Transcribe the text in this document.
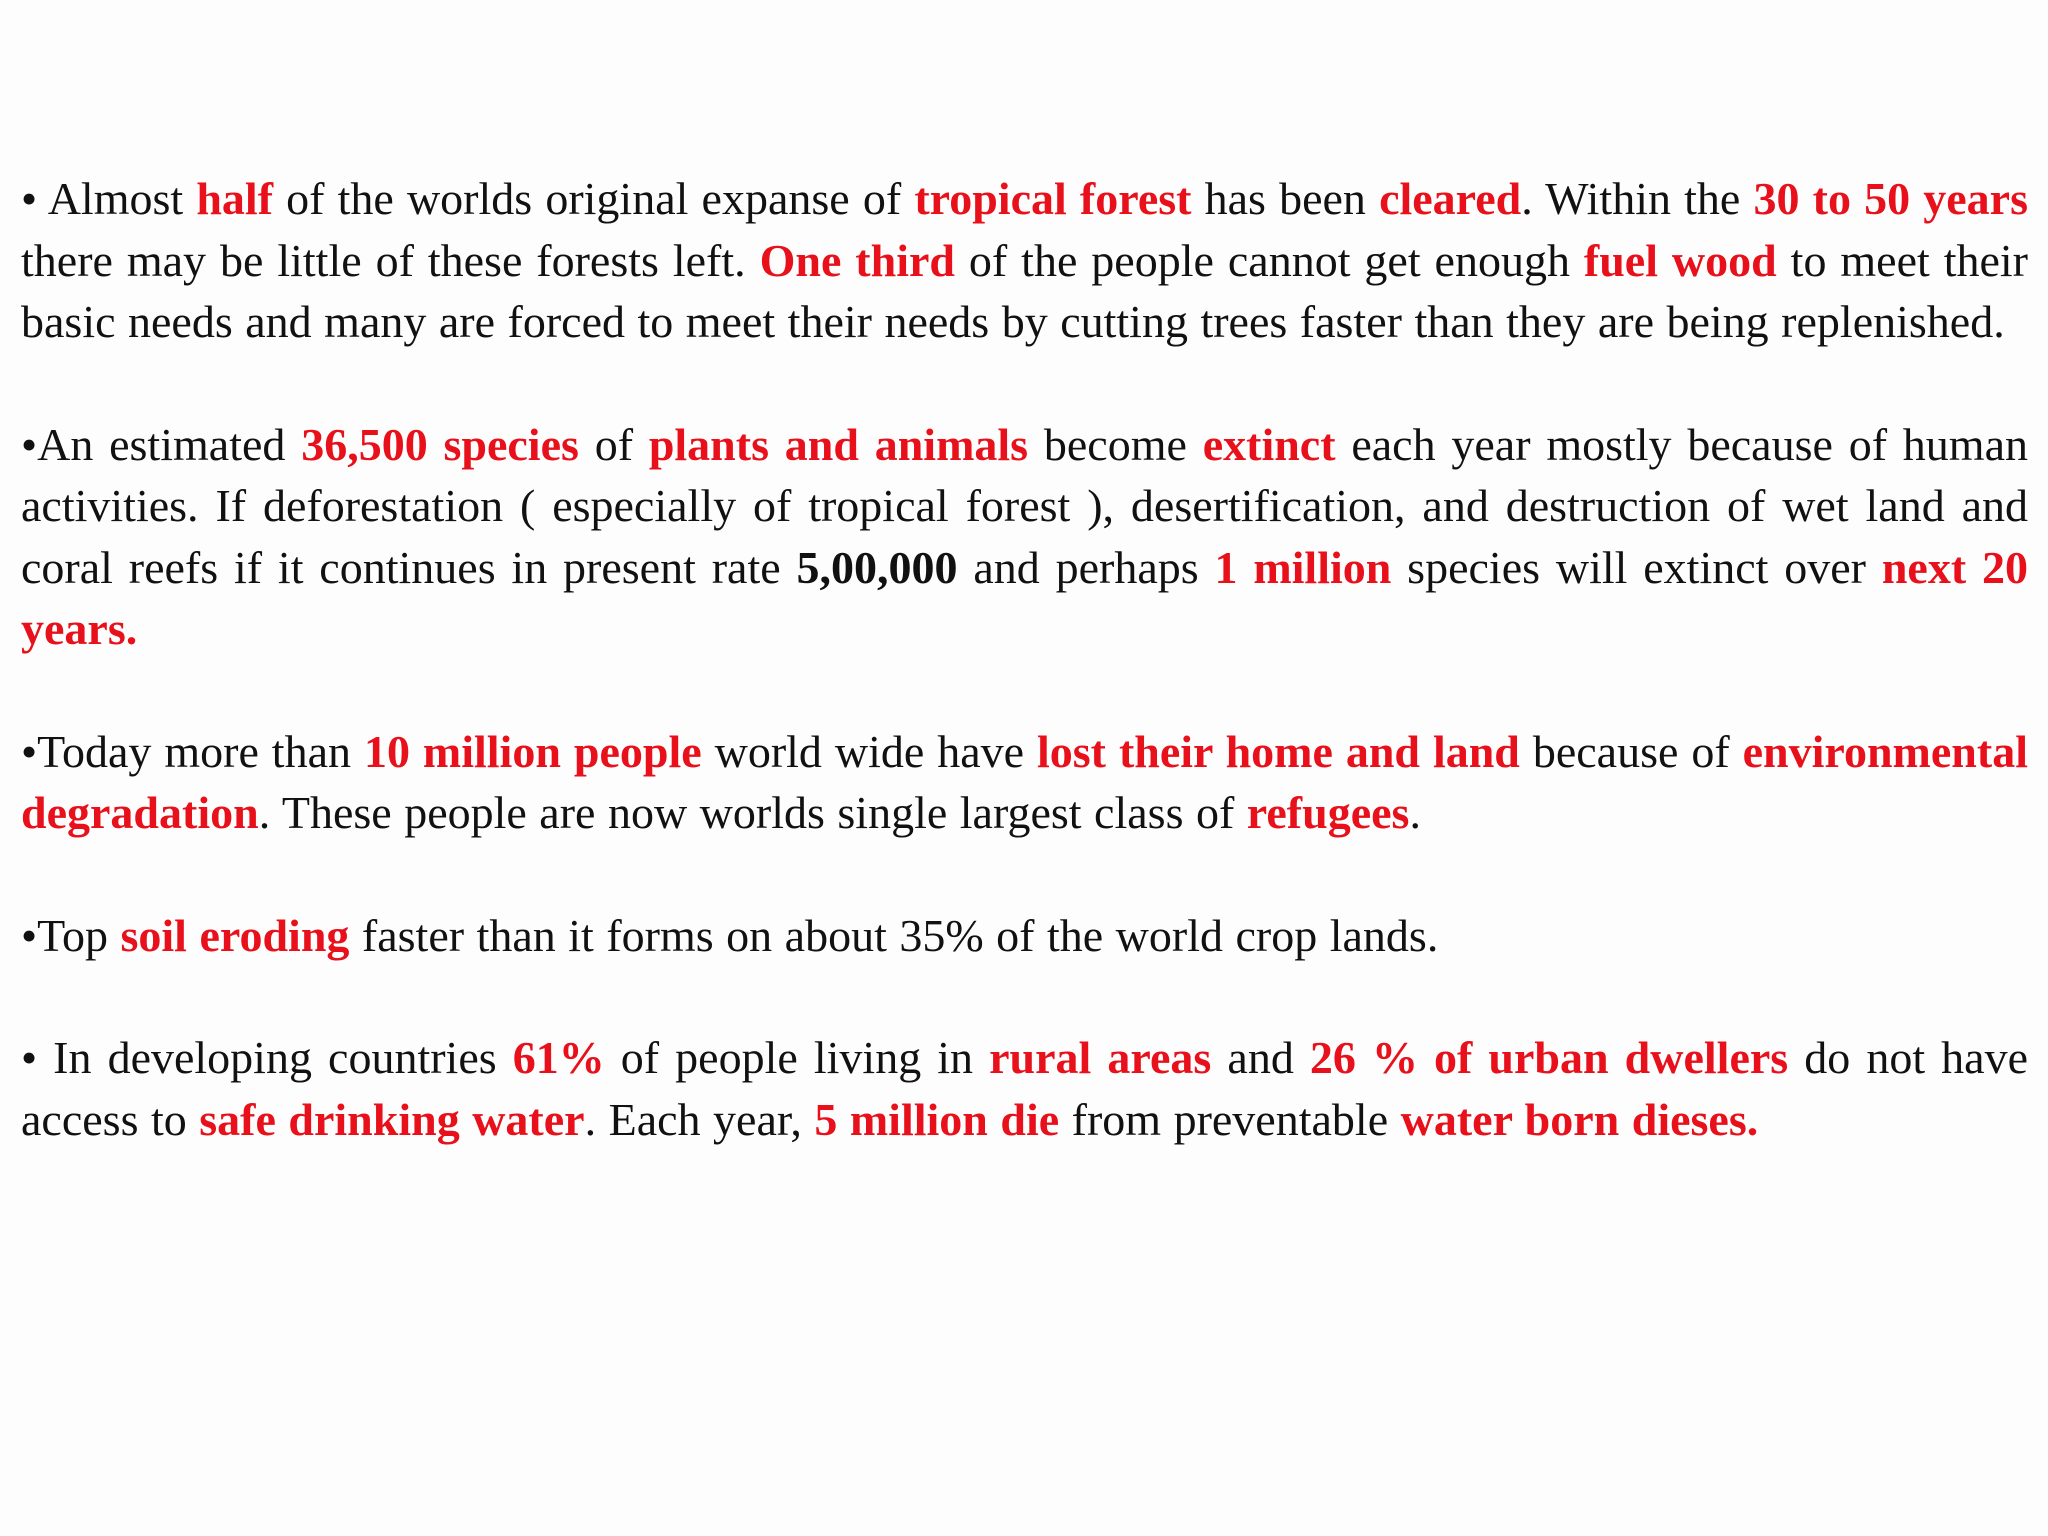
• Almost half of the worlds original expanse of tropical forest has been cleared. Within the 30 to 50 years there may be little of these forests left. One third of the people cannot get enough fuel wood to meet their basic needs and many are forced to meet their needs by cutting trees faster than they are being replenished.

•An estimated 36,500 species of plants and animals become extinct each year mostly because of human activities. If deforestation ( especially of tropical forest ), desertification, and destruction of wet land and coral reefs if it continues in present rate 5,00,000 and perhaps 1 million species will extinct over next 20 years.

•Today more than 10 million people world wide have lost their home and land because of environmental degradation. These people are now worlds single largest class of refugees.

•Top soil eroding faster than it forms on about 35% of the world crop lands.

• In developing countries 61% of people living in rural areas and 26 % of urban dwellers do not have access to safe drinking water. Each year, 5 million die from preventable water born dieses.
